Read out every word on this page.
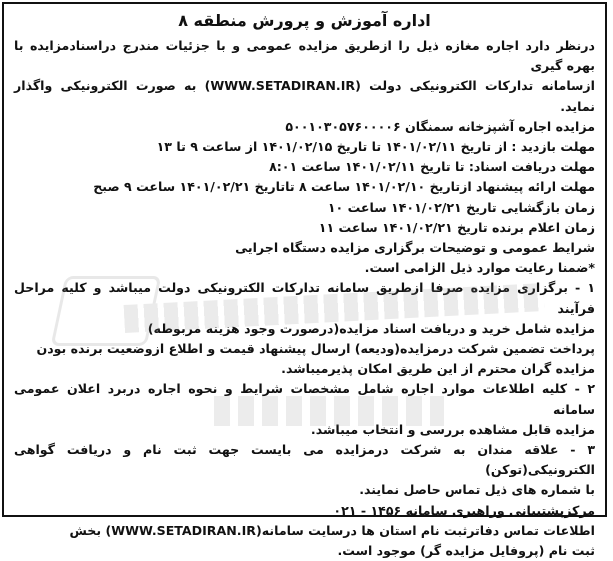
اداره آموزش و پرورش منطقه ۸

درنظر دارد اجاره مغازه ذیل را ازطریق مزایده عمومی و با جزئیات مندرج دراسنادمزایده با بهره گیری

ازسامانه تدارکات الکترونیکی دولت (WWW.SETADIRAN.IR) به صورت الکترونیکی واگذار نماید.

مزایده اجاره آشپزخانه سمنگان ۵۰۰۱۰۳۰۵۷۶۰۰۰۰۶

مهلت بازدید : از تاریخ ۱۴۰۱/۰۲/۱۱ تا تاریخ ۱۴۰۱/۰۲/۱۵ از ساعت ۹ تا ۱۳

مهلت دریافت اسناد: تا تاریخ ۱۴۰۱/۰۲/۱۱ ساعت ۸:۰۱

مهلت ارائه پیشنهاد ازتاریخ ۱۴۰۱/۰۲/۱۰ ساعت ۸ تاتاریخ ۱۴۰۱/۰۲/۲۱ ساعت ۹ صبح

زمان بازگشایی تاریخ ۱۴۰۱/۰۲/۲۱ ساعت ۱۰

زمان اعلام برنده تاریخ ۱۴۰۱/۰۲/۲۱ ساعت ۱۱

شرایط عمومی و توضیحات برگزاری مزایده دستگاه اجرایی

*ضمنا رعایت موارد ذیل الزامی است.

۱ - برگزاری مزایده صرفا ازطریق سامانه تدارکات الکترونیکی دولت میباشد و کلیه مراحل فرآیند

مزایده شامل خرید و دریافت اسناد مزایده(درصورت وجود هزینه مربوطه)

پرداخت تضمین شرکت درمزایده(ودیعه) ارسال پیشنهاد قیمت و اطلاع ازوضعیت برنده بودن

مزایده گران محترم از این طریق امکان پذیرمیباشد.

۲ - کلیه اطلاعات موارد اجاره شامل مشخصات شرایط و نحوه اجاره دربرد اعلان عمومی سامانه

مزایده قابل مشاهده بررسی و انتخاب میباشد.

۳ - علاقه مندان به شرکت درمزایده می بایست جهت ثبت نام و دریافت گواهی الکترونیکی(توکن)

با شماره های ذیل تماس حاصل نمایند.

مرکزپشتیبانی وراهبری سامانه ۱۴۵۶ - ۰۲۱

اطلاعات تماس دفاترثبت نام استان ها درسایت سامانه(WWW.SETADIRAN.IR) بخش

ثبت نام (پروفایل مزایده گر) موجود است.
